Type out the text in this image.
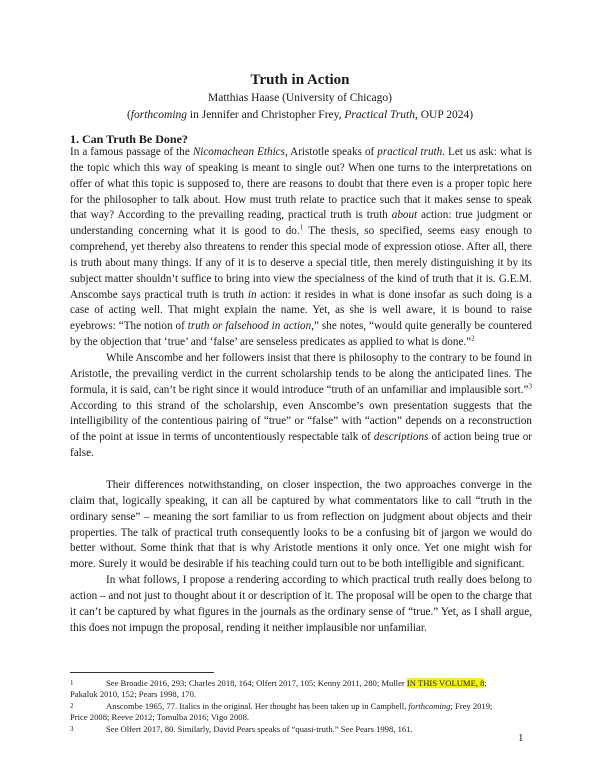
Truth in Action
Matthias Haase (University of Chicago)
(forthcoming in Jennifer and Christopher Frey, Practical Truth, OUP 2024)
1. Can Truth Be Done?

In a famous passage of the Nicomachean Ethics, Aristotle speaks of practical truth. Let us ask: what is the topic which this way of speaking is meant to single out? When one turns to the interpretations on offer of what this topic is supposed to, there are reasons to doubt that there even is a proper topic here for the philosopher to talk about. How must truth relate to practice such that it makes sense to speak that way? According to the prevailing reading, practical truth is truth about action: true judgment or understanding concerning what it is good to do.$^1$ The thesis, so specified, seems easy enough to comprehend, yet thereby also threatens to render this special mode of expression otiose. After all, there is truth about many things. If any of it is to deserve a special title, then merely distinguishing it by its subject matter shouldn’t suffice to bring into view the specialness of the kind of truth that it is. G.E.M. Anscombe says practical truth is truth in action: it resides in what is done insofar as such doing is a case of acting well. That might explain the name. Yet, as she is well aware, it is bound to raise eyebrows: “The notion of truth or falsehood in action,” she notes, “would quite generally be countered by the objection that ‘true’ and ‘false’ are senseless predicates as applied to what is done.”$^2$

While Anscombe and her followers insist that there is philosophy to the contrary to be found in Aristotle, the prevailing verdict in the current scholarship tends to be along the anticipated lines. The formula, it is said, can’t be right since it would introduce “truth of an unfamiliar and implausible sort.”$^3$ According to this strand of the scholarship, even Anscombe’s own presentation suggests that the intelligibility of the contentious pairing of “true” or “false” with “action” depends on a reconstruction of the point at issue in terms of uncontentiously respectable talk of descriptions of action being true or false.

Their differences notwithstanding, on closer inspection, the two approaches converge in the claim that, logically speaking, it can all be captured by what commentators like to call “truth in the ordinary sense” – meaning the sort familiar to us from reflection on judgment about objects and their properties. The talk of practical truth consequently looks to be a confusing bit of jargon we would do better without. Some think that that is why Aristotle mentions it only once. Yet one might wish for more. Surely it would be desirable if his teaching could turn out to be both intelligible and significant.

In what follows, I propose a rendering according to which practical truth really does belong to action – and not just to thought about it or description of it. The proposal will be open to the charge that it can’t be captured by what figures in the journals as the ordinary sense of “true.” Yet, as I shall argue, this does not impugn the proposal, rending it neither implausible nor unfamiliar.

1	See Broadie 2016, 293; Charles 2018, 164; Olfert 2017, 105; Kenny 2011, 280; Muller IN THIS VOLUME, 8;
Pakaluk 2010, 152; Pears 1998, 170.
2	Anscombe 1965, 77. Italics in the original. Her thought has been taken up in Campbell, forthcoming; Frey 2019;
Price 2008; Reeve 2012; Tomulba 2016; Vigo 2008.
3	See Olfert 2017, 80. Similarly, David Pears speaks of “quasi-truth.” See Pears 1998, 161.
1
